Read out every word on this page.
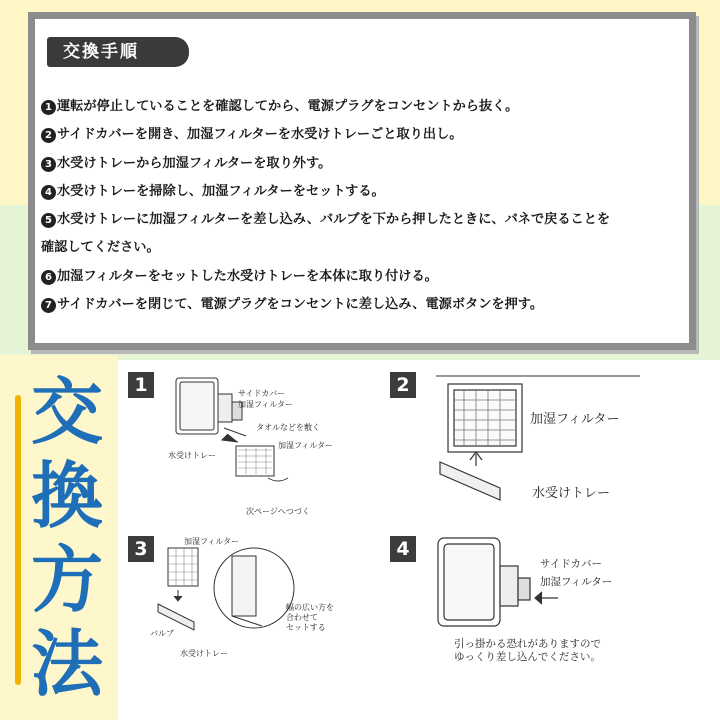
交換手順
1 運転が停止していることを確認してから、電源プラグをコンセントから抜く。
2 サイドカバーを開き、加湿フィルターを水受けトレーごと取り出し。
3 水受けトレーから加湿フィルターを取り外す。
4 水受けトレーを掃除し、加湿フィルターをセットする。
5 水受けトレーに加湿フィルターを差し込み、バルブを下から押したときに、バネで戻ることを
確認してください。
6 加湿フィルターをセットした水受けトレーを本体に取り付ける。
7 サイドカバーを閉じて、電源プラグをコンセントに差し込み、電源ボタンを押す。
交
換
方
法
1	サイドカバー
加湿フィルター
タオルなどを敷く
加湿フィルター
水受けトレー
次ページへつづく
2
加湿フィルター
水受けトレー
3	加湿フィルター
バルブ
水受けトレー
幅の広い方を
合わせて
セットする
4
サイドカバー
加湿フィルター
引っ掛かる恐れがありますので
ゆっくり差し込んでください。
